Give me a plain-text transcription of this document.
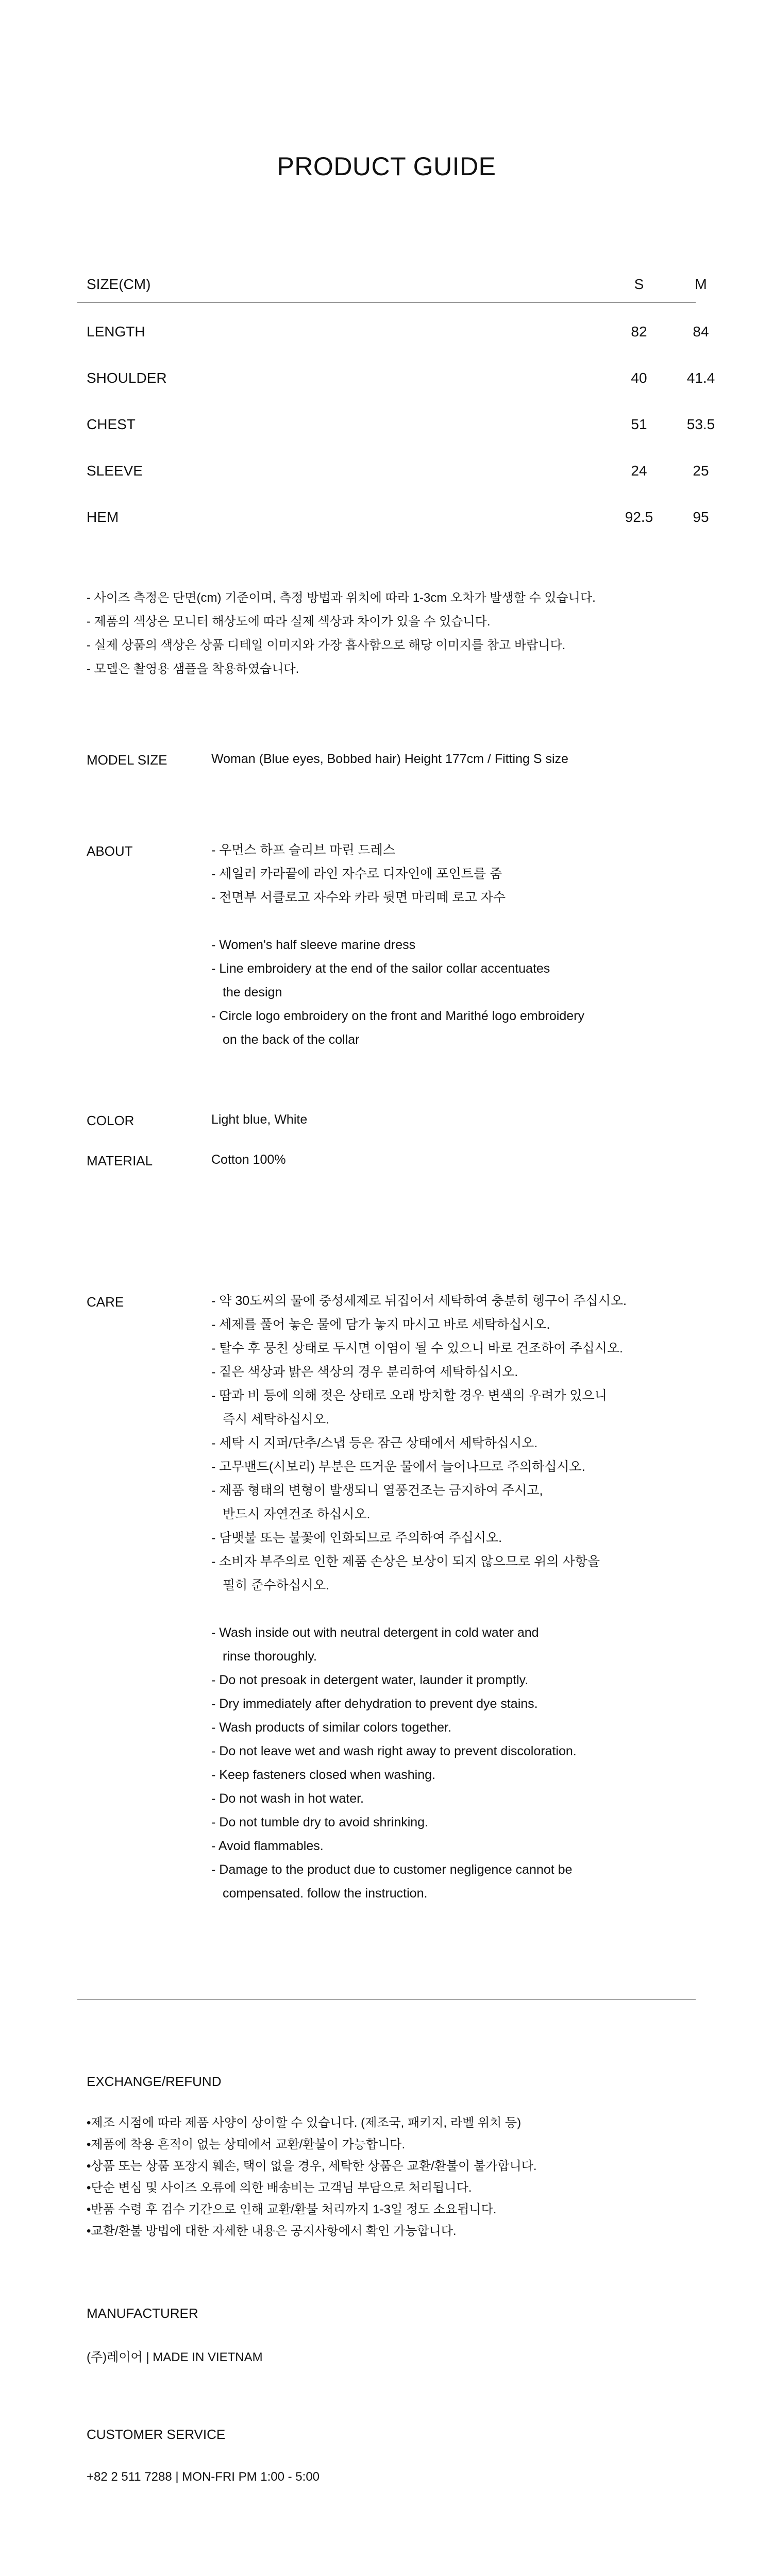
PRODUCT GUIDE
SIZE(CM)	S	M
LENGTH	82	84
SHOULDER	40	41.4
CHEST	51	53.5
SLEEVE	24	25
HEM	92.5	95
- 사이즈 측정은 단면(cm) 기준이며, 측정 방법과 위치에 따라 1-3cm 오차가 발생할 수 있습니다.
- 제품의 색상은 모니터 해상도에 따라 실제 색상과 차이가 있을 수 있습니다.
- 실제 상품의 색상은 상품 디테일 이미지와 가장 흡사함으로 해당 이미지를 참고 바랍니다.
- 모델은 촬영용 샘플을 착용하였습니다.
MODEL SIZE	Woman (Blue eyes, Bobbed hair) Height 177cm / Fitting S size
ABOUT	- 우먼스 하프 슬리브 마린 드레스
- 세일러 카라끝에 라인 자수로 디자인에 포인트를 줌
- 전면부 서클로고 자수와 카라 뒷면 마리떼 로고 자수
- Women's half sleeve marine dress
- Line embroidery at the end of the sailor collar accentuates
the design
- Circle logo embroidery on the front and Marithé logo embroidery
on the back of the collar
COLOR	Light blue, White
MATERIAL	Cotton 100%
CARE	- 약 30도씨의 물에 중성세제로 뒤집어서 세탁하여 충분히 헹구어 주십시오.
- 세제를 풀어 놓은 물에 담가 놓지 마시고 바로 세탁하십시오.
- 탈수 후 뭉친 상태로 두시면 이염이 될 수 있으니 바로 건조하여 주십시오.
- 짙은 색상과 밝은 색상의 경우 분리하여 세탁하십시오.
- 땀과 비 등에 의해 젖은 상태로 오래 방치할 경우 변색의 우려가 있으니
즉시 세탁하십시오.
- 세탁 시 지퍼/단추/스냅 등은 잠근 상태에서 세탁하십시오.
- 고무밴드(시보리) 부분은 뜨거운 물에서 늘어나므로 주의하십시오.
- 제품 형태의 변형이 발생되니 열풍건조는 금지하여 주시고,
반드시 자연건조 하십시오.
- 담뱃불 또는 불꽃에 인화되므로 주의하여 주십시오.
- 소비자 부주의로 인한 제품 손상은 보상이 되지 않으므로 위의 사항을
필히 준수하십시오.
- Wash inside out with neutral detergent in cold water and
rinse thoroughly.
- Do not presoak in detergent water, launder it promptly.
- Dry immediately after dehydration to prevent dye stains.
- Wash products of similar colors together.
- Do not leave wet and wash right away to prevent discoloration.
- Keep fasteners closed when washing.
- Do not wash in hot water.
- Do not tumble dry to avoid shrinking.
- Avoid flammables.
- Damage to the product due to customer negligence cannot be
compensated. follow the instruction.
EXCHANGE/REFUND
•제조 시점에 따라 제품 사양이 상이할 수 있습니다. (제조국, 패키지, 라벨 위치 등)
•제품에 착용 흔적이 없는 상태에서 교환/환불이 가능합니다.
•상품 또는 상품 포장지 훼손, 택이 없을 경우, 세탁한 상품은 교환/환불이 불가합니다.
•단순 변심 및 사이즈 오류에 의한 배송비는 고객님 부담으로 처리됩니다.
•반품 수령 후 검수 기간으로 인해 교환/환불 처리까지 1-3일 정도 소요됩니다.
•교환/환불 방법에 대한 자세한 내용은 공지사항에서 확인 가능합니다.
MANUFACTURER
(주)레이어 | MADE IN VIETNAM
CUSTOMER SERVICE
+82 2 511 7288 | MON-FRI PM 1:00 - 5:00
